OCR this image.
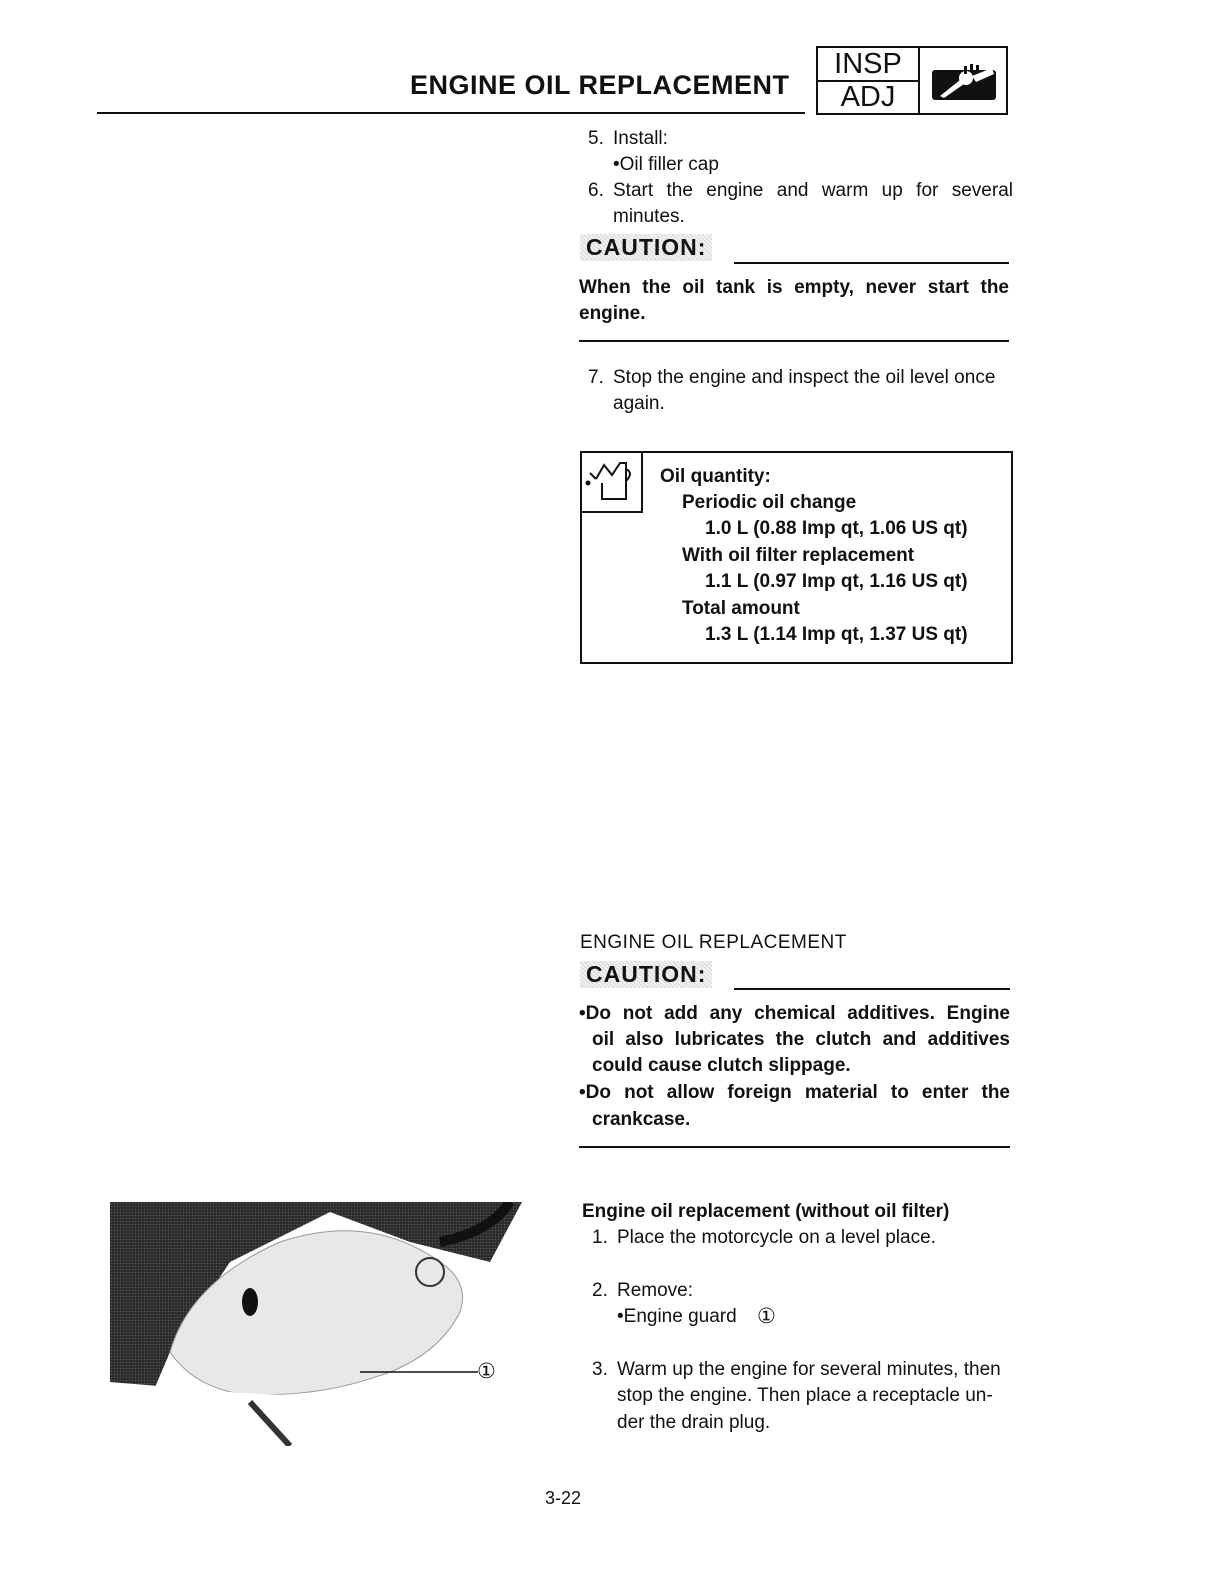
ENGINE OIL REPLACEMENT
INSP
ADJ
5. Install:
•Oil filler cap
6. Start the engine and warm up for several
minutes.
CAUTION:
When the oil tank is empty, never start the
engine.
7. Stop the engine and inspect the oil level once
again.
Oil quantity:
Periodic oil change
1.0 L (0.88 Imp qt, 1.06 US qt)
With oil filter replacement
1.1 L (0.97 Imp qt, 1.16 US qt)
Total amount
1.3 L (1.14 Imp qt, 1.37 US qt)
ENGINE OIL REPLACEMENT
CAUTION:
•Do not add any chemical additives. Engine
oil also lubricates the clutch and additives
could cause clutch slippage.
•Do not allow foreign material to enter the
crankcase.
Engine oil replacement (without oil filter)
1. Place the motorcycle on a level place.
2. Remove:
•Engine guard ①
3. Warm up the engine for several minutes, then
stop the engine. Then place a receptacle un-
der the drain plug.
①
3-22
